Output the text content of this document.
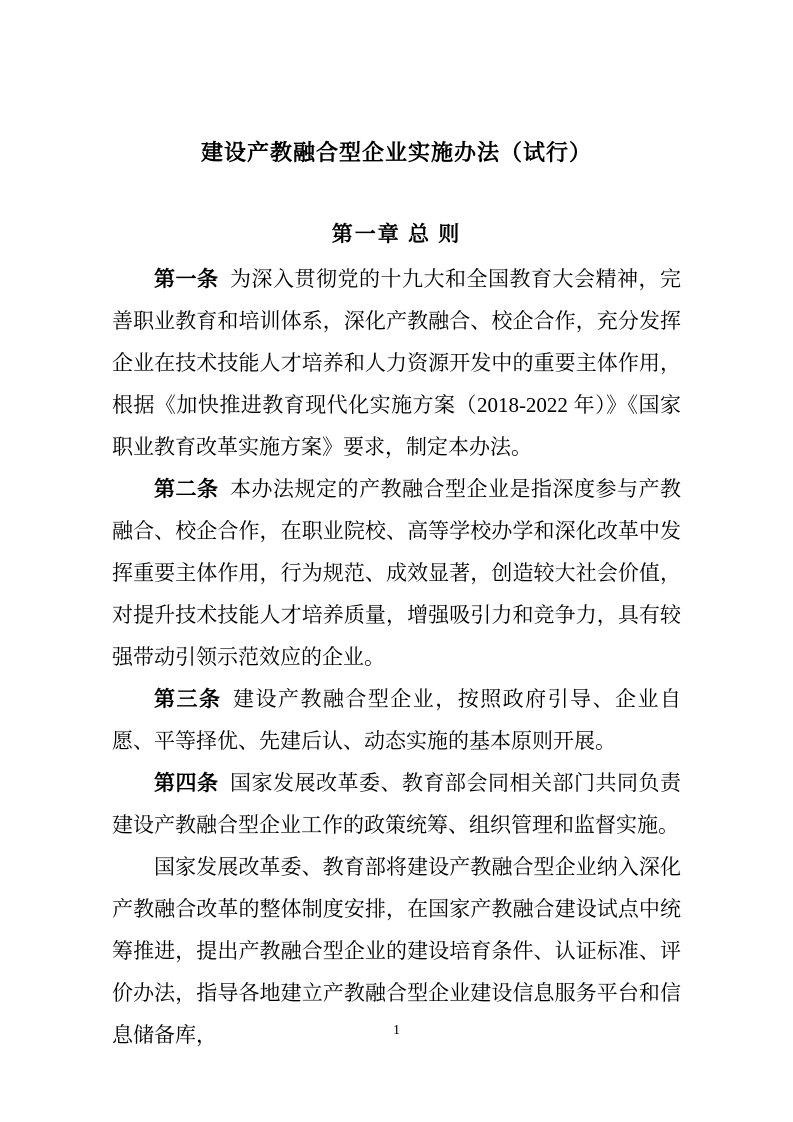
建设产教融合型企业实施办法（试行）
第一章 总 则

第一条 为深入贯彻党的十九大和全国教育大会精神，完善职业教育和培训体系，深化产教融合、校企合作，充分发挥企业在技术技能人才培养和人力资源开发中的重要主体作用，根据《加快推进教育现代化实施方案（2018-2022 年）》《国家职业教育改革实施方案》要求，制定本办法。

第二条 本办法规定的产教融合型企业是指深度参与产教融合、校企合作，在职业院校、高等学校办学和深化改革中发挥重要主体作用，行为规范、成效显著，创造较大社会价值，对提升技术技能人才培养质量，增强吸引力和竞争力，具有较强带动引领示范效应的企业。

第三条 建设产教融合型企业，按照政府引导、企业自愿、平等择优、先建后认、动态实施的基本原则开展。

第四条 国家发展改革委、教育部会同相关部门共同负责建设产教融合型企业工作的政策统筹、组织管理和监督实施。

国家发展改革委、教育部将建设产教融合型企业纳入深化产教融合改革的整体制度安排，在国家产教融合建设试点中统筹推进，提出产教融合型企业的建设培育条件、认证标准、评价办法，指导各地建立产教融合型企业建设信息服务平台和信息储备库，	1
